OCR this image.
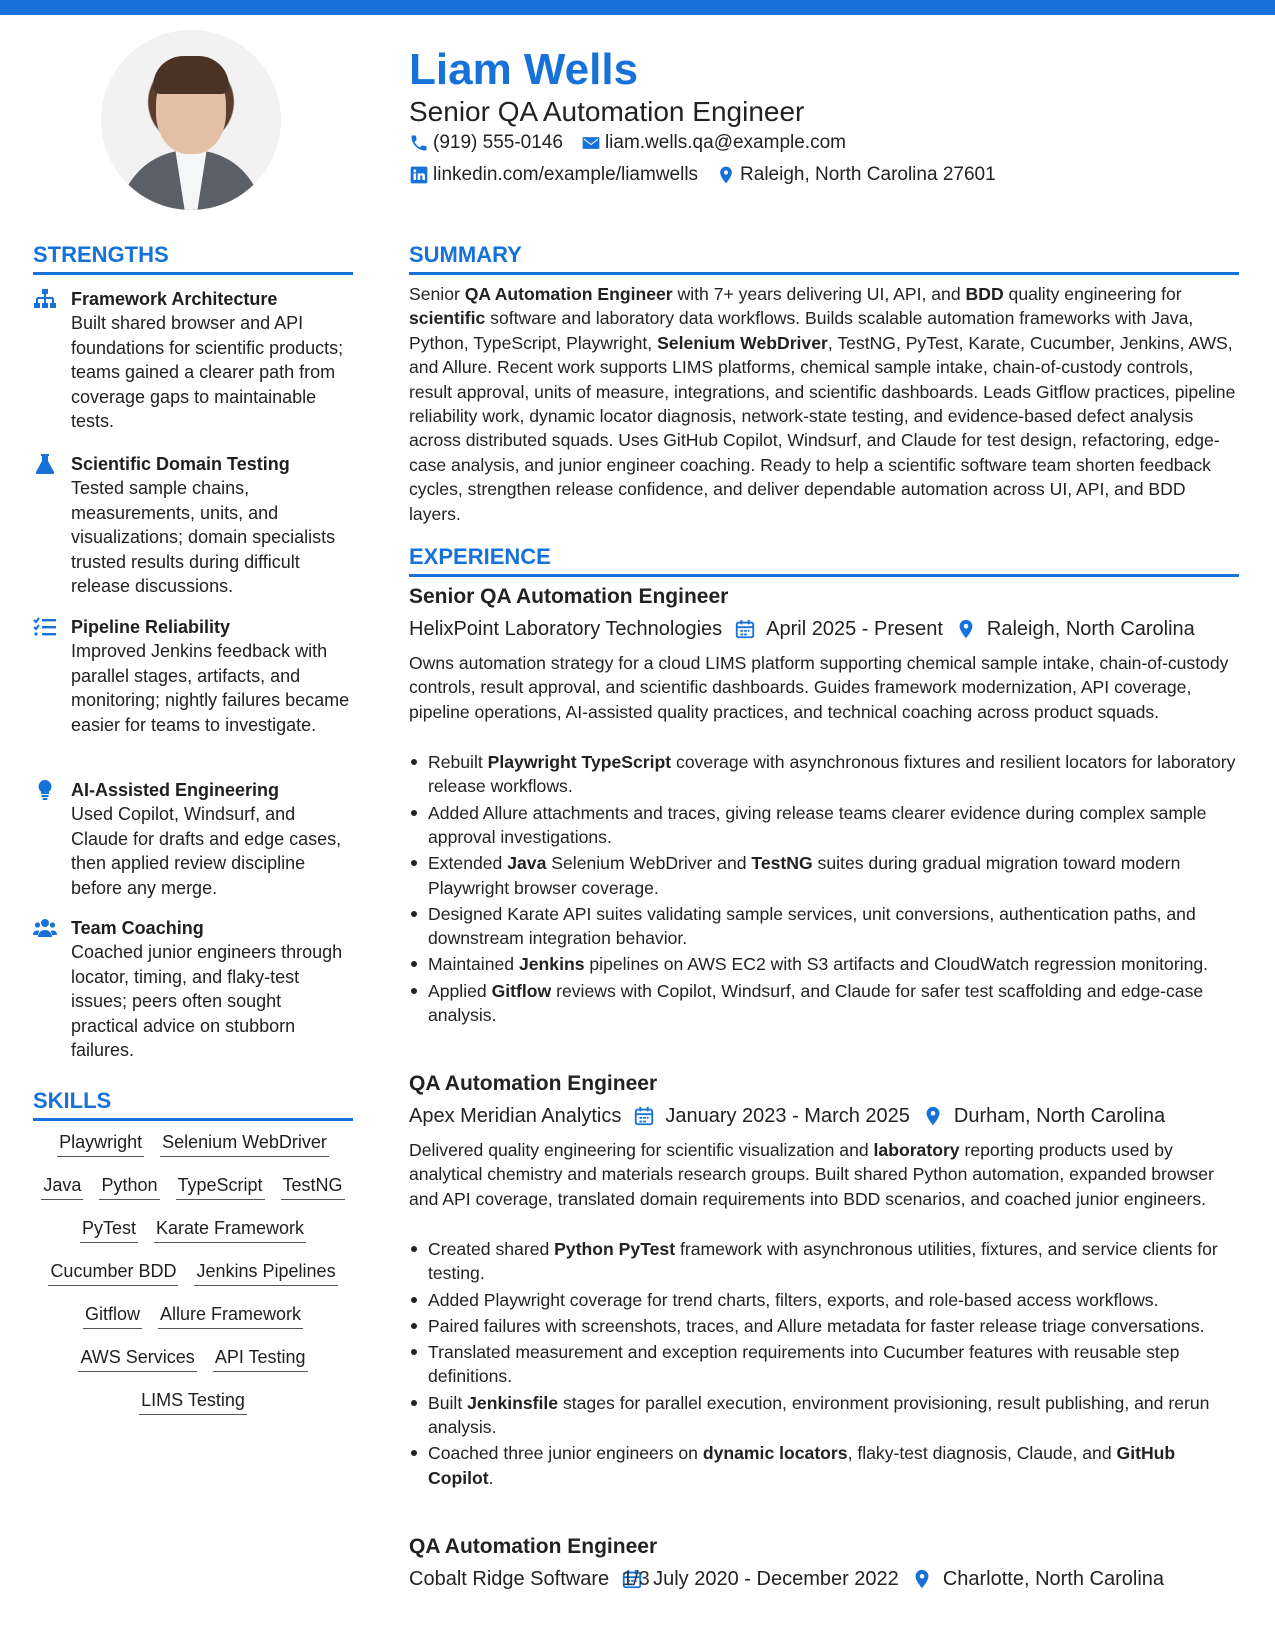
Liam Wells
Senior QA Automation Engineer
(919) 555-0146 liam.wells.qa@example.com
linkedin.com/example/liamwells Raleigh, North Carolina 27601
STRENGTHS
Framework Architecture
Built shared browser and API foundations for scientific products; teams gained a clearer path from coverage gaps to maintainable tests.
Scientific Domain Testing
Tested sample chains, measurements, units, and visualizations; domain specialists trusted results during difficult release discussions.
Pipeline Reliability
Improved Jenkins feedback with parallel stages, artifacts, and monitoring; nightly failures became easier for teams to investigate.
AI-Assisted Engineering
Used Copilot, Windsurf, and Claude for drafts and edge cases, then applied review discipline before any merge.
Team Coaching
Coached junior engineers through locator, timing, and flaky-test issues; peers often sought practical advice on stubborn failures.
SKILLS
Playwright Selenium WebDriver
Java Python TypeScript TestNG
PyTest Karate Framework
Cucumber BDD Jenkins Pipelines
Gitflow Allure Framework
AWS Services API Testing
LIMS Testing
SUMMARY
Senior QA Automation Engineer with 7+ years delivering UI, API, and BDD quality engineering for scientific software and laboratory data workflows. Builds scalable automation frameworks with Java, Python, TypeScript, Playwright, Selenium WebDriver, TestNG, PyTest, Karate, Cucumber, Jenkins, AWS, and Allure. Recent work supports LIMS platforms, chemical sample intake, chain-of-custody controls, result approval, units of measure, integrations, and scientific dashboards. Leads Gitflow practices, pipeline reliability work, dynamic locator diagnosis, network-state testing, and evidence-based defect analysis across distributed squads. Uses GitHub Copilot, Windsurf, and Claude for test design, refactoring, edge-case analysis, and junior engineer coaching. Ready to help a scientific software team shorten feedback cycles, strengthen release confidence, and deliver dependable automation across UI, API, and BDD layers.
EXPERIENCE
Senior QA Automation Engineer
HelixPoint Laboratory Technologies April 2025 - Present Raleigh, North Carolina
Owns automation strategy for a cloud LIMS platform supporting chemical sample intake, chain-of-custody controls, result approval, and scientific dashboards. Guides framework modernization, API coverage, pipeline operations, AI-assisted quality practices, and technical coaching across product squads.
Rebuilt Playwright TypeScript coverage with asynchronous fixtures and resilient locators for laboratory release workflows.
Added Allure attachments and traces, giving release teams clearer evidence during complex sample approval investigations.
Extended Java Selenium WebDriver and TestNG suites during gradual migration toward modern Playwright browser coverage.
Designed Karate API suites validating sample services, unit conversions, authentication paths, and downstream integration behavior.
Maintained Jenkins pipelines on AWS EC2 with S3 artifacts and CloudWatch regression monitoring.
Applied Gitflow reviews with Copilot, Windsurf, and Claude for safer test scaffolding and edge-case analysis.
QA Automation Engineer
Apex Meridian Analytics January 2023 - March 2025 Durham, North Carolina
Delivered quality engineering for scientific visualization and laboratory reporting products used by analytical chemistry and materials research groups. Built shared Python automation, expanded browser and API coverage, translated domain requirements into BDD scenarios, and coached junior engineers.
Created shared Python PyTest framework with asynchronous utilities, fixtures, and service clients for testing.
Added Playwright coverage for trend charts, filters, exports, and role-based access workflows.
Paired failures with screenshots, traces, and Allure metadata for faster release triage conversations.
Translated measurement and exception requirements into Cucumber features with reusable step definitions.
Built Jenkinsfile stages for parallel execution, environment provisioning, result publishing, and rerun analysis.
Coached three junior engineers on dynamic locators, flaky-test diagnosis, Claude, and GitHub Copilot.
QA Automation Engineer
Cobalt Ridge Software July 2020 - December 2022 Charlotte, North Carolina
1/3
